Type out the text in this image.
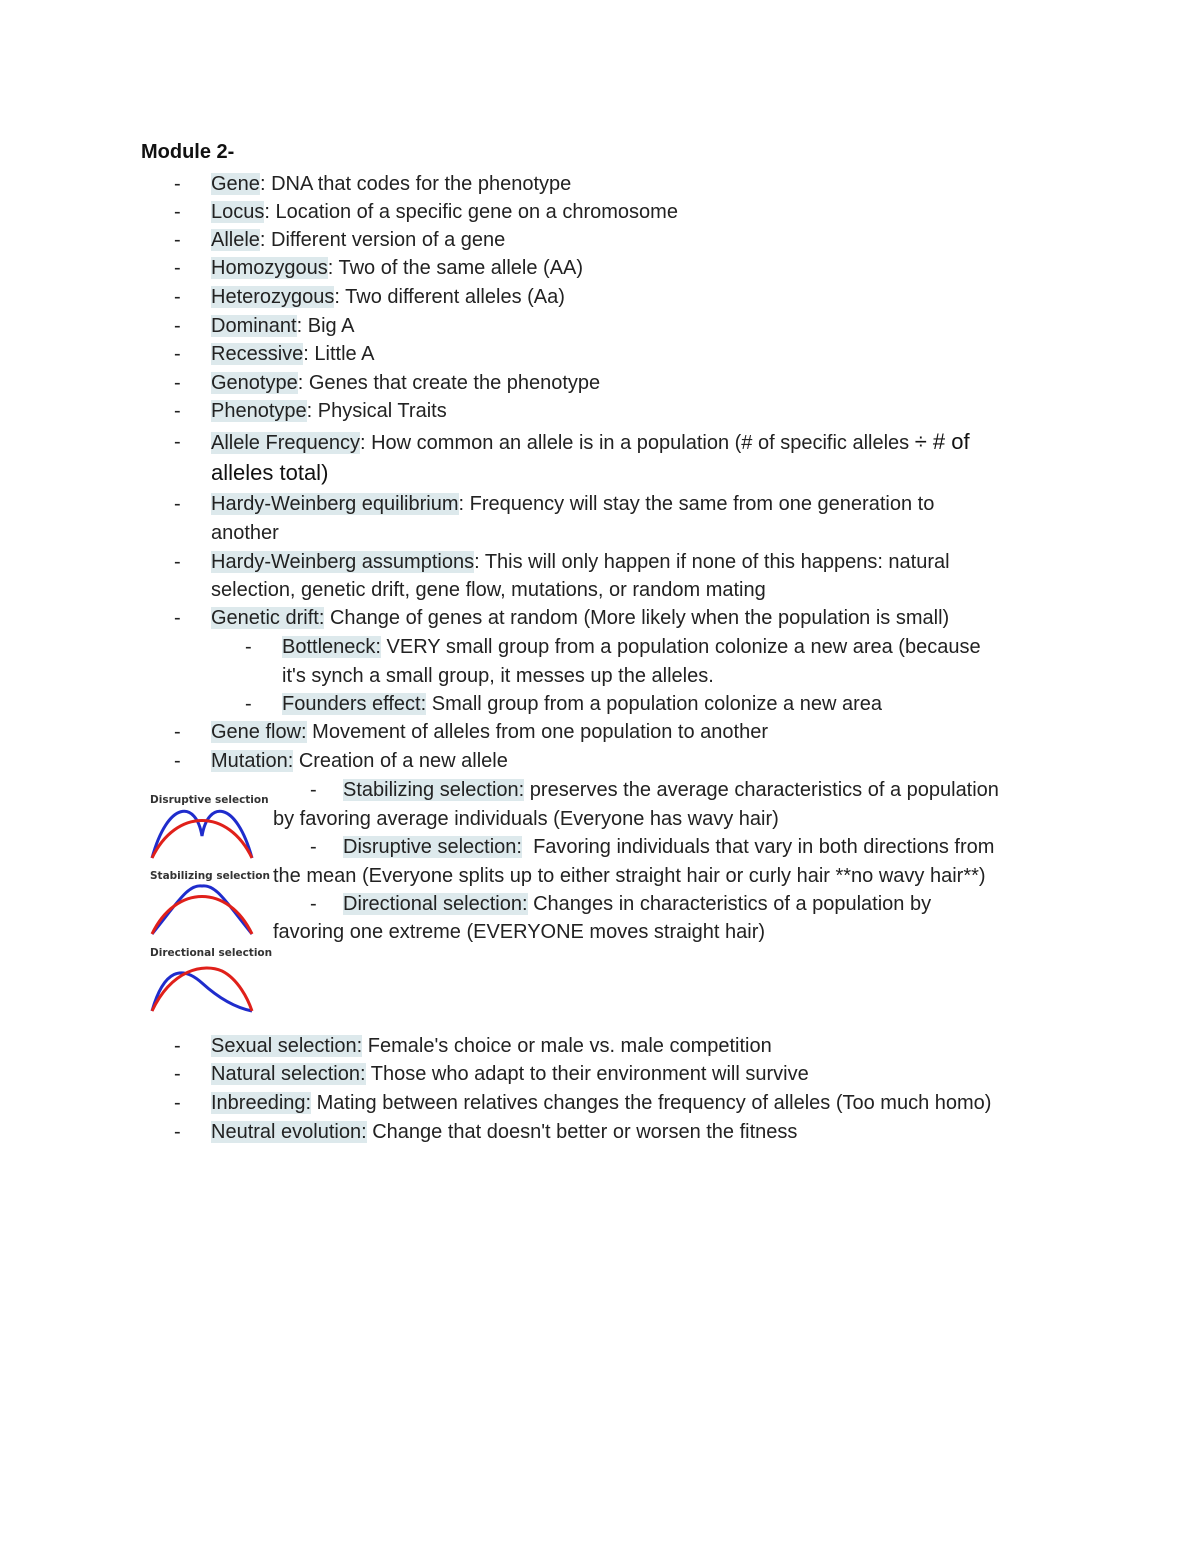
Module 2-
- Gene: DNA that codes for the phenotype
- Locus: Location of a specific gene on a chromosome
- Allele: Different version of a gene
- Homozygous: Two of the same allele (AA)
- Heterozygous: Two different alleles (Aa)
- Dominant: Big A
- Recessive: Little A
- Genotype: Genes that create the phenotype
- Phenotype: Physical Traits
- Allele Frequency: How common an allele is in a population (# of specific alleles ÷ # of
alleles total)
- Hardy-Weinberg equilibrium: Frequency will stay the same from one generation to
another
- Hardy-Weinberg assumptions: This will only happen if none of this happens: natural
selection, genetic drift, gene flow, mutations, or random mating
- Genetic drift: Change of genes at random (More likely when the population is small)
- Bottleneck: VERY small group from a population colonize a new area (because
it's synch a small group, it messes up the alleles.
- Founders effect: Small group from a population colonize a new area
- Gene flow: Movement of alleles from one population to another
- Mutation: Creation of a new allele
Disruptive selection
Stabilizing selection
Directional selection
- Stabilizing selection: preserves the average characteristics of a population
by favoring average individuals (Everyone has wavy hair)
- Disruptive selection: Favoring individuals that vary in both directions from
the mean (Everyone splits up to either straight hair or curly hair **no wavy hair**)
- Directional selection: Changes in characteristics of a population by
favoring one extreme (EVERYONE moves straight hair)
- Sexual selection: Female's choice or male vs. male competition
- Natural selection: Those who adapt to their environment will survive
- Inbreeding: Mating between relatives changes the frequency of alleles (Too much homo)
- Neutral evolution: Change that doesn't better or worsen the fitness
